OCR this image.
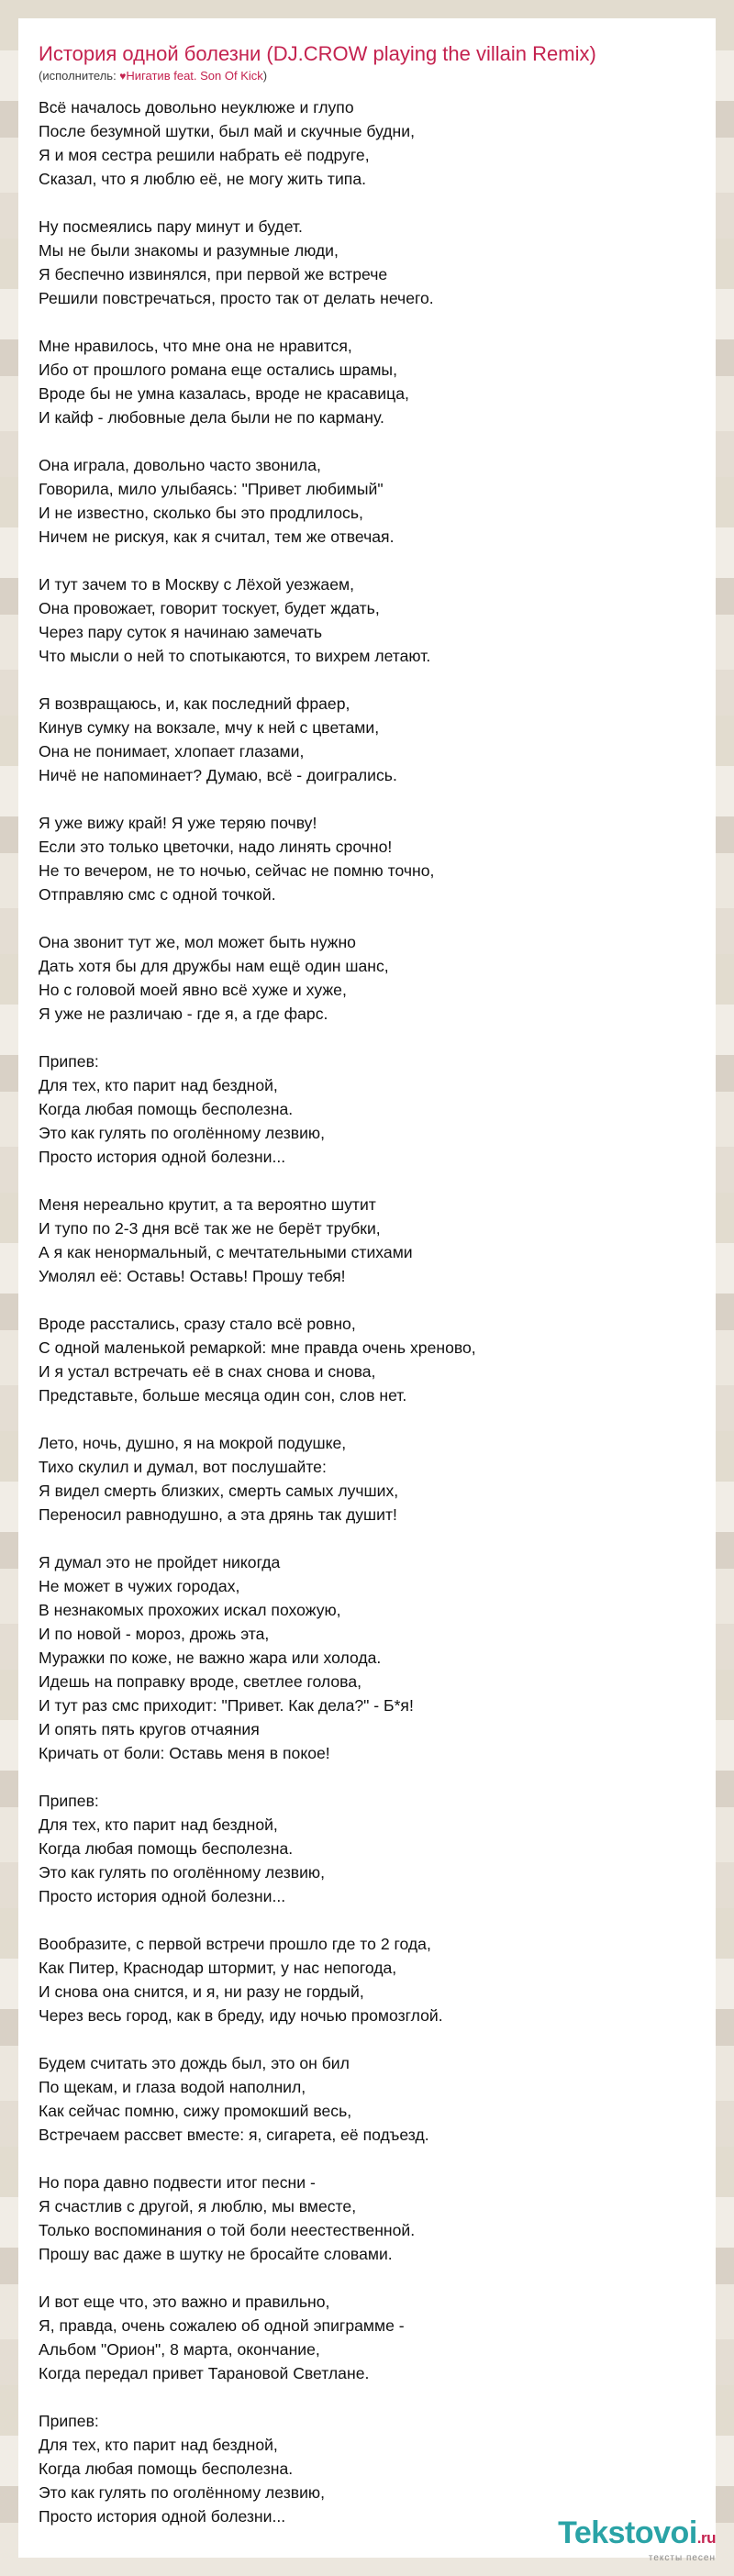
История одной болезни (DJ.CROW playing the villain Remix)
(исполнитель: ♥Нигатив feat. Son Of Kick)
Всё началось довольно неуклюже и глупо
После безумной шутки, был май и скучные будни,
Я и моя сестра решили набрать её подруге,
Сказал, что я люблю её, не могу жить типа.
Ну посмеялись пару минут и будет.
Мы не были знакомы и разумные люди,
Я беспечно извинялся, при первой же встрече
Решили повстречаться, просто так от делать нечего.
Мне нравилось, что мне она не нравится,
Ибо от прошлого романа еще остались шрамы,
Вроде бы не умна казалась, вроде не красавица,
И кайф - любовные дела были не по карману.
Она играла, довольно часто звонила,
Говорила, мило улыбаясь: "Привет любимый"
И не известно, сколько бы это продлилось,
Ничем не рискуя, как я считал, тем же отвечая.
И тут зачем то в Москву с Лёхой уезжаем,
Она провожает, говорит тоскует, будет ждать,
Через пару суток я начинаю замечать
Что мысли о ней то спотыкаются, то вихрем летают.
Я возвращаюсь, и, как последний фраер,
Кинув сумку на вокзале, мчу к ней с цветами,
Она не понимает, хлопает глазами,
Ничё не напоминает? Думаю, всё - доигрались.
Я уже вижу край! Я уже теряю почву!
Если это только цветочки, надо линять срочно!
Не то вечером, не то ночью, сейчас не помню точно,
Отправляю смс с одной точкой.
Она звонит тут же, мол может быть нужно
Дать хотя бы для дружбы нам ещё один шанс,
Но с головой моей явно всё хуже и хуже,
Я уже не различаю - где я, а где фарс.
Припев:
Для тех, кто парит над бездной,
Когда любая помощь бесполезна.
Это как гулять по оголённому лезвию,
Просто история одной болезни...
Меня нереально крутит, а та вероятно шутит
И тупо по 2-3 дня всё так же не берёт трубки,
А я как ненормальный, с мечтательными стихами
Умолял её: Оставь! Оставь! Прошу тебя!
Вроде расстались, сразу стало всё ровно,
С одной маленькой ремаркой: мне правда очень хреново,
И я устал встречать её в снах снова и снова,
Представьте, больше месяца один сон, слов нет.
Лето, ночь, душно, я на мокрой подушке,
Тихо скулил и думал, вот послушайте:
Я видел смерть близких, смерть самых лучших,
Переносил равнодушно, а эта дрянь так душит!
Я думал это не пройдет никогда
Не может в чужих городах,
В незнакомых прохожих искал похожую,
И по новой - мороз, дрожь эта,
Муражки по коже, не важно жара или холода.
Идешь на поправку вроде, светлее голова,
И тут раз смс приходит: "Привет. Как дела?" - Б*я!
И опять пять кругов отчаяния
Кричать от боли: Оставь меня в покое!
Припев:
Для тех, кто парит над бездной,
Когда любая помощь бесполезна.
Это как гулять по оголённому лезвию,
Просто история одной болезни...
Вообразите, с первой встречи прошло где то 2 года,
Как Питер, Краснодар штормит, у нас непогода,
И снова она снится, и я, ни разу не гордый,
Через весь город, как в бреду, иду ночью промозглой.
Будем считать это дождь был, это он бил
По щекам, и глаза водой наполнил,
Как сейчас помню, сижу промокший весь,
Встречаем рассвет вместе: я, сигарета, её подъезд.
Но пора давно подвести итог песни -
Я счастлив с другой, я люблю, мы вместе,
Только воспоминания о той боли неестественной.
Прошу вас даже в шутку не бросайте словами.
И вот еще что, это важно и правильно,
Я, правда, очень сожалею об одной эпиграмме -
Альбом "Орион", 8 марта, окончание,
Когда передал привет Тарановой Светлане.
Припев:
Для тех, кто парит над бездной,
Когда любая помощь бесполезна.
Это как гулять по оголённому лезвию,
Просто история одной болезни...	Tekstovoi.ru
тексты песен
